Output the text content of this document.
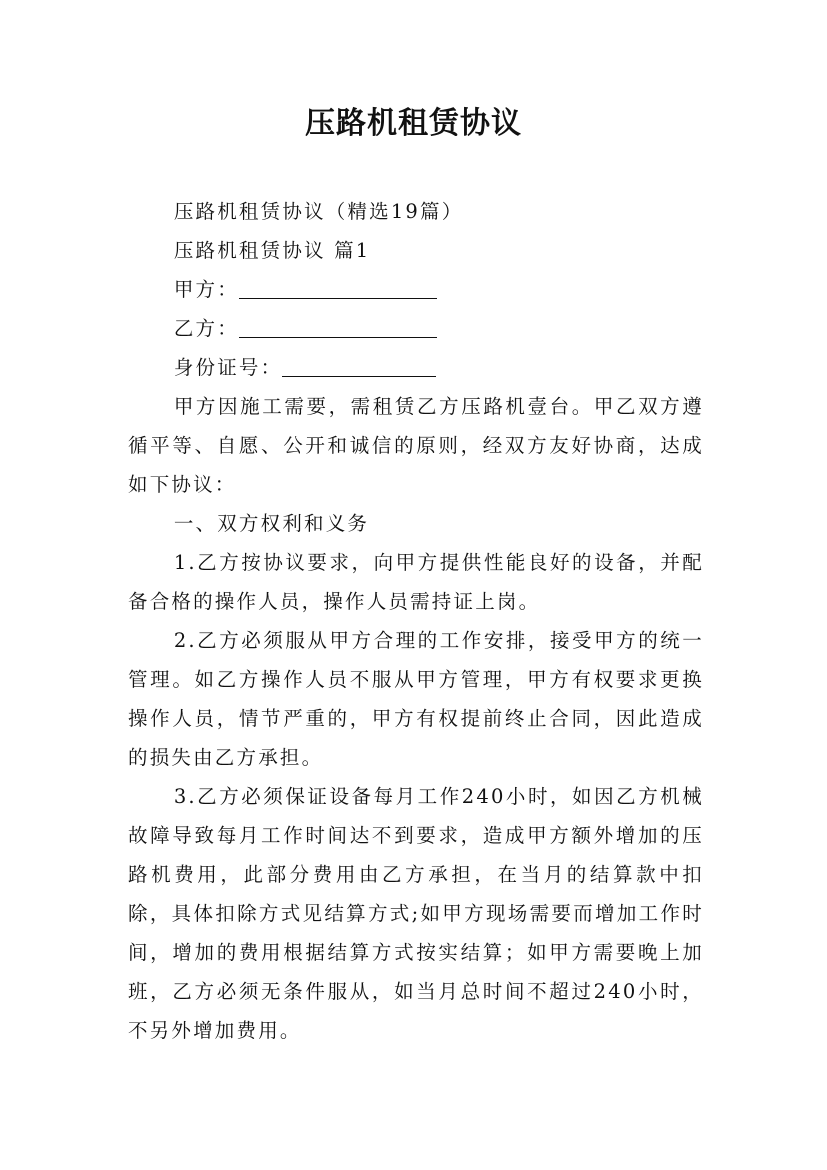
压路机租赁协议

压路机租赁协议（精选19篇）

压路机租赁协议 篇1

甲方：

乙方：

身份证号：

甲方因施工需要，需租赁乙方压路机壹台。甲乙双方遵循平等、自愿、公开和诚信的原则，经双方友好协商，达成如下协议：

一、双方权利和义务

1.乙方按协议要求，向甲方提供性能良好的设备，并配备合格的操作人员，操作人员需持证上岗。

2.乙方必须服从甲方合理的工作安排，接受甲方的统一管理。如乙方操作人员不服从甲方管理，甲方有权要求更换操作人员，情节严重的，甲方有权提前终止合同，因此造成的损失由乙方承担。

3.乙方必须保证设备每月工作240小时，如因乙方机械故障导致每月工作时间达不到要求，造成甲方额外增加的压路机费用，此部分费用由乙方承担，在当月的结算款中扣除，具体扣除方式见结算方式;如甲方现场需要而增加工作时间，增加的费用根据结算方式按实结算；如甲方需要晚上加班，乙方必须无条件服从，如当月总时间不超过240小时，不另外增加费用。
